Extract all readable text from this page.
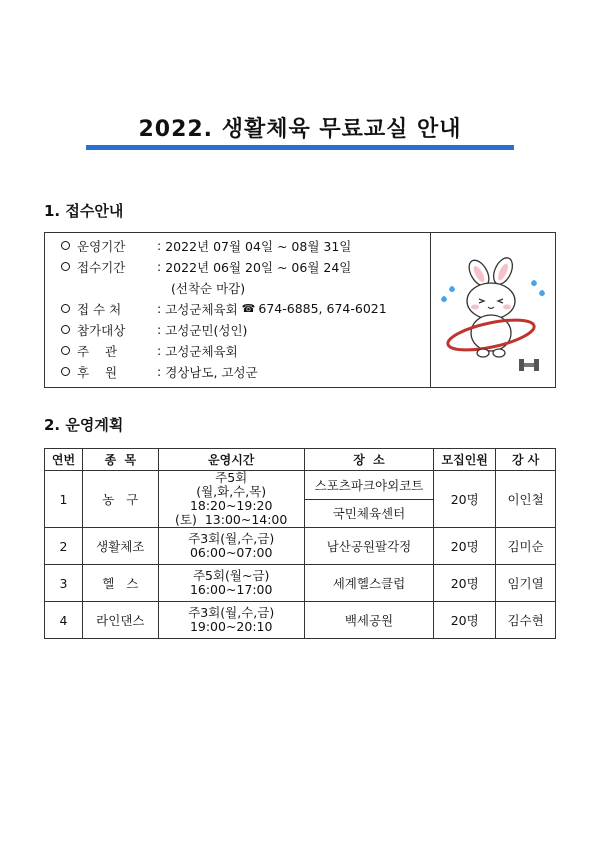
2022. 생활체육 무료교실 안내
1. 접수안내
운영기간	: 2022년 07월 04일 ~ 08월 31일
접수기간	: 2022년 06월 20일 ~ 06월 24일
(선착순 마감)
접 수 처	: 고성군체육회 ☎ 674-6885, 674-6021
참가대상	: 고성군민(성인)
주    관	: 고성군체육회
후    원	: 경상남도, 고성군
2. 운영계획
연번	종  목	운영시간	장  소	모집인원	강 사
1	농   구	주5회
(월,화,수,목)
18:20~19:20
(토)  13:00~14:00	스포츠파크야외코트	20명	이인철
			국민체육센터		
2	생활체조	주3회(월,수,금)
06:00~07:00	남산공원팔각정	20명	김미순
3	헬   스	주5회(월~금)
16:00~17:00	세계헬스클럽	20명	임기열
4	라인댄스	주3회(월,수,금)
19:00~20:10	백세공원	20명	김수현
